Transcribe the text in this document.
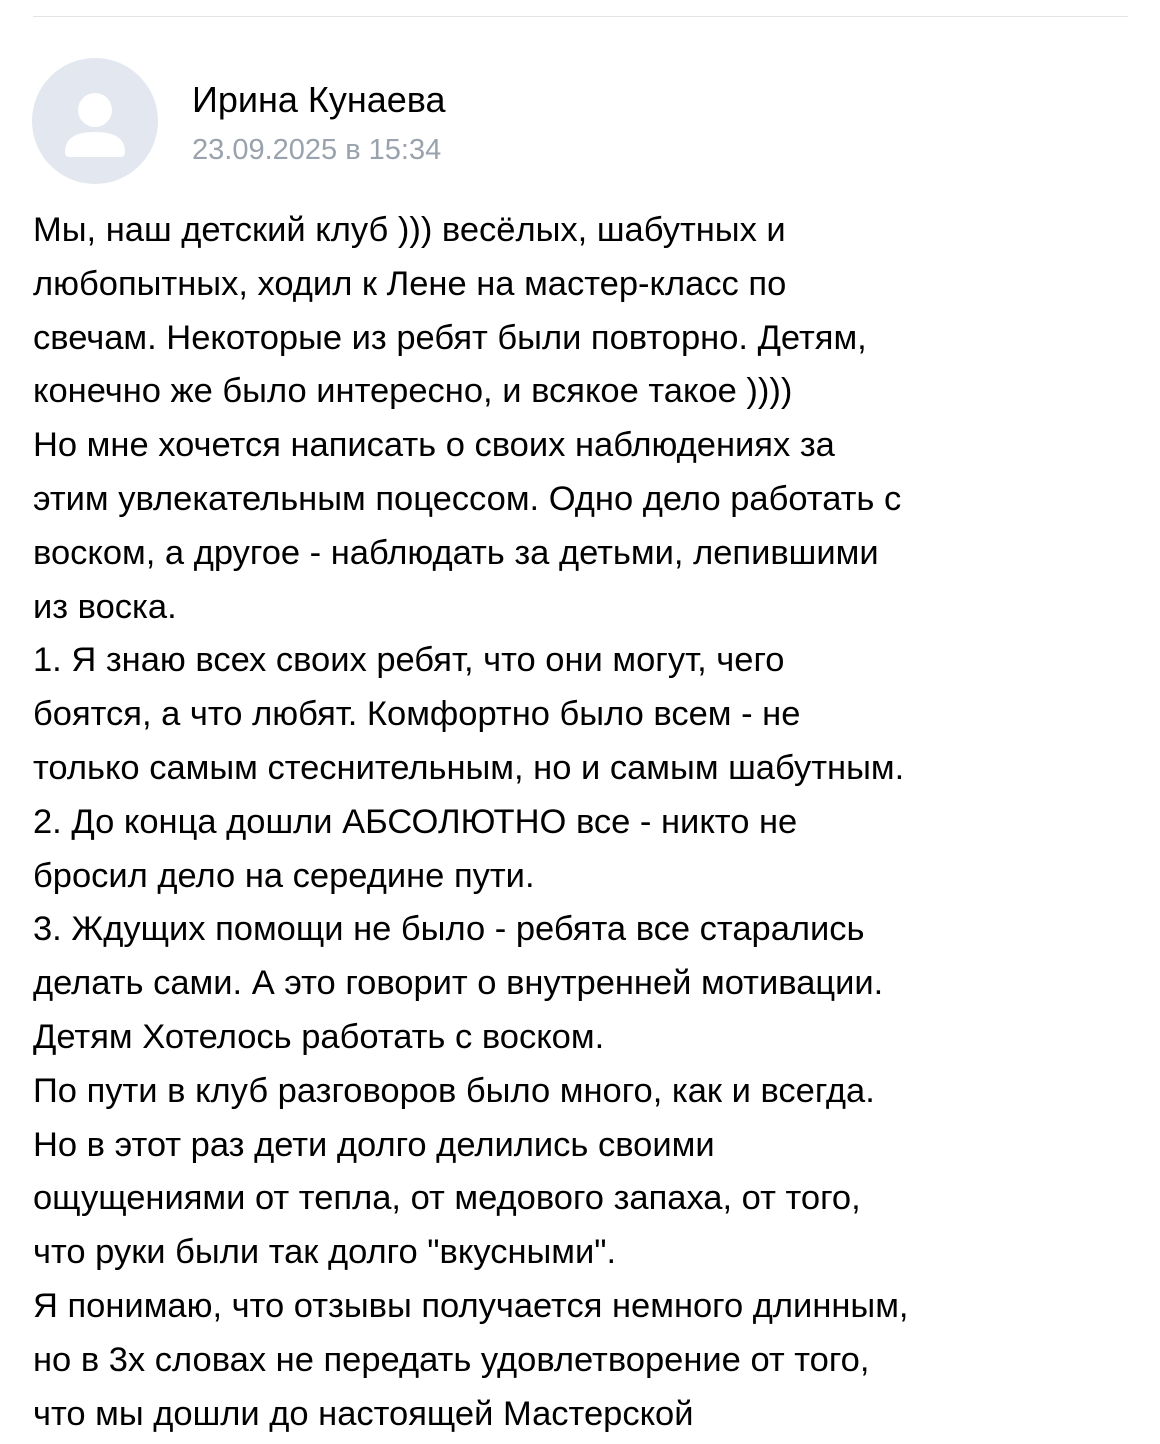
Ирина Кунаева
23.09.2025 в 15:34
Мы, наш детский клуб ))) весёлых, шабутных и
любопытных, ходил к Лене на мастер-класс по
свечам. Некоторые из ребят были повторно. Детям,
конечно же было интересно, и всякое такое ))))
Но мне хочется написать о своих наблюдениях за
этим увлекательным поцессом. Одно дело работать с
воском, а другое - наблюдать за детьми, лепившими
из воска.
1. Я знаю всех своих ребят, что они могут, чего
боятся, а что любят. Комфортно было всем - не
только самым стеснительным, но и самым шабутным.
2. До конца дошли АБСОЛЮТНО все - никто не
бросил дело на середине пути.
3. Ждущих помощи не было - ребята все старались
делать сами. А это говорит о внутренней мотивации.
Детям Хотелось работать с воском.
По пути в клуб разговоров было много, как и всегда.
Но в этот раз дети долго делились своими
ощущениями от тепла, от медового запаха, от того,
что руки были так долго "вкусными".
Я понимаю, что отзывы получается немного длинным,
но в 3х словах не передать удовлетворение от того,
что мы дошли до настоящей Мастерской
